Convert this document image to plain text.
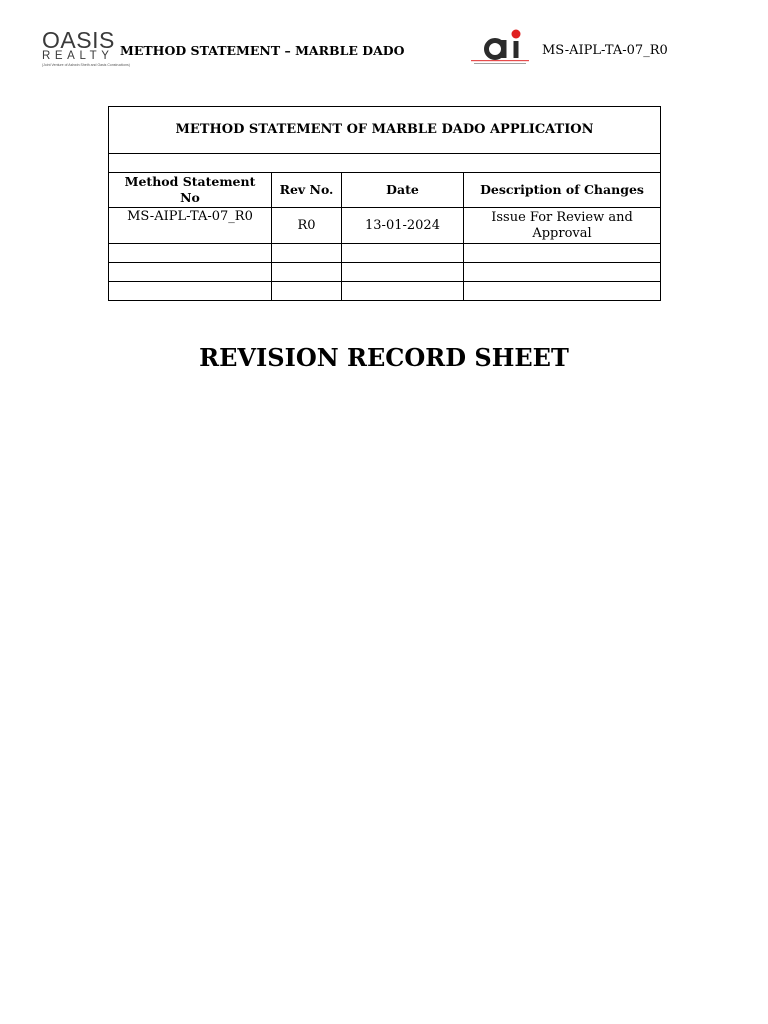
OASIS
REALTY
(Joint Venture of Ashwin Sheth and Oasis Constructions)
METHOD STATEMENT – MARBLE DADO	MS-AIPL-TA-07_R0
METHOD STATEMENT OF MARBLE DADO APPLICATION			

Method Statement No	Rev No.	Date	Description of Changes
MS-AIPL-TA-07_R0	R0	13-01-2024	Issue For Review and Approval

REVISION RECORD SHEET
